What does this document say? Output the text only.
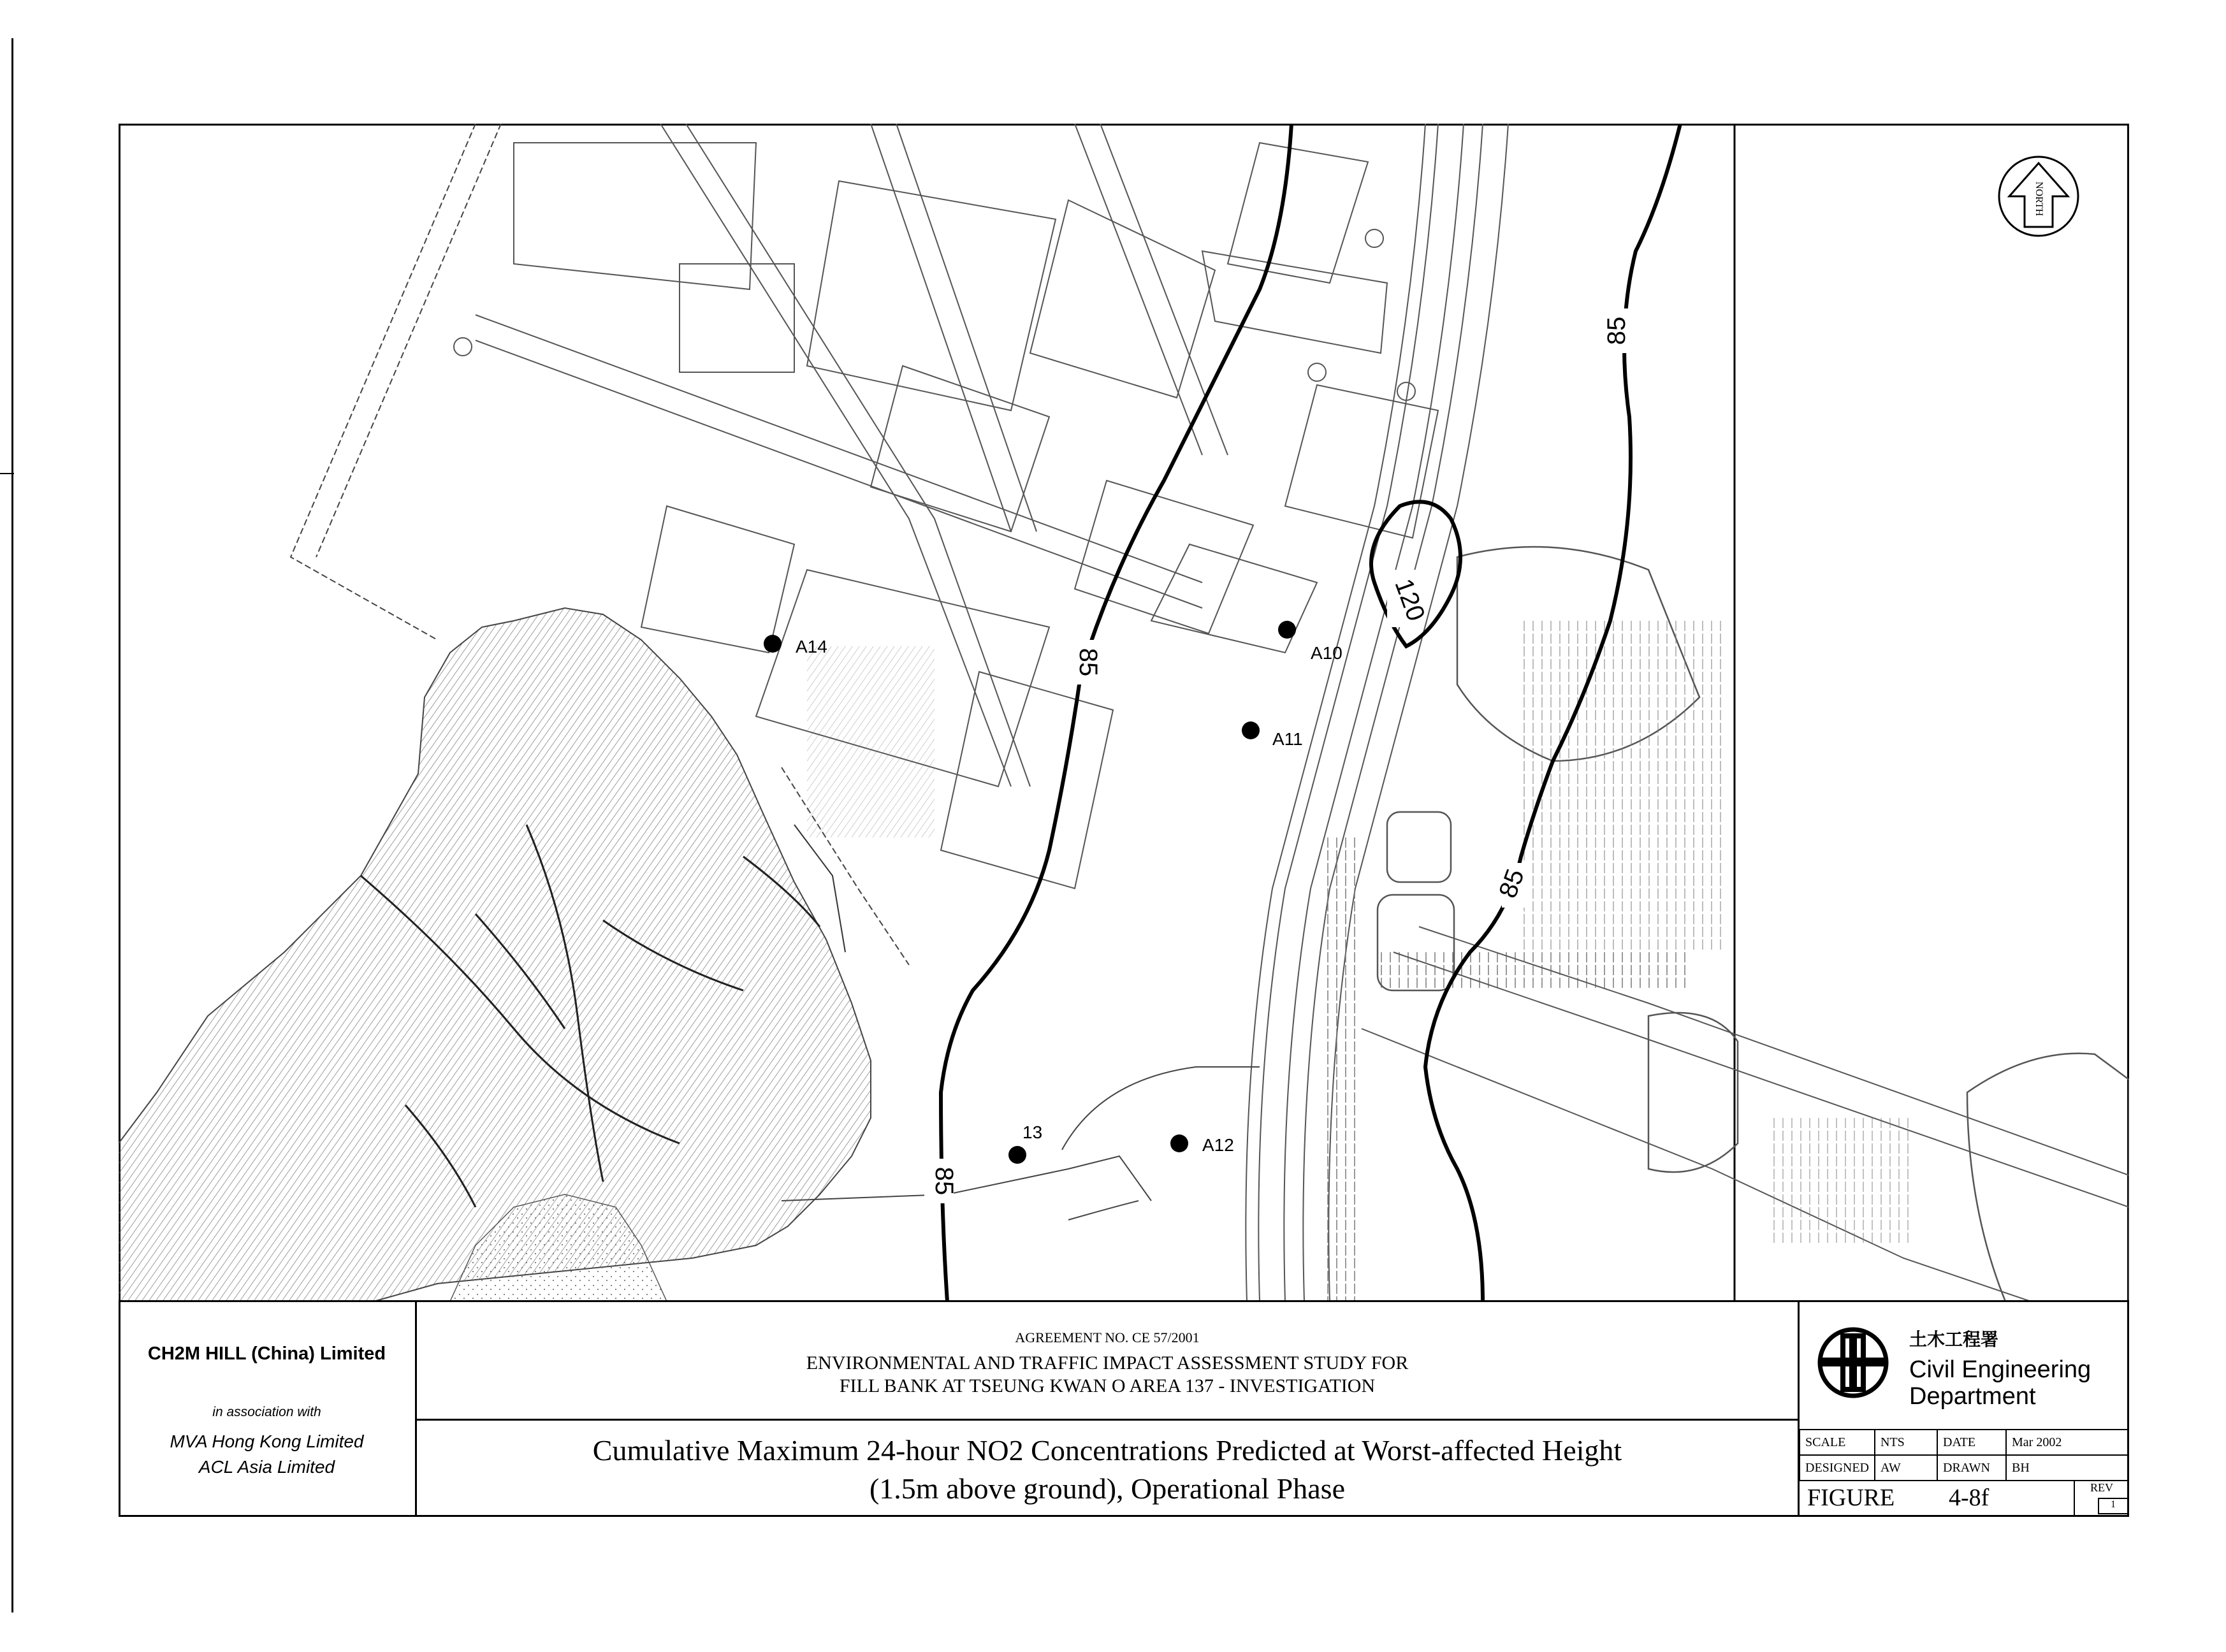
85
85
85
85
120
A10
A11
A12
13
A14
NORTH
CH2M HILL (China) Limited
in association with
MVA Hong Kong Limited
ACL Asia Limited
AGREEMENT NO. CE 57/2001
ENVIRONMENTAL AND TRAFFIC IMPACT ASSESSMENT STUDY FOR
FILL BANK AT TSEUNG KWAN O AREA 137 - INVESTIGATION
Cumulative Maximum 24-hour NO2 Concentrations Predicted at Worst-affected Height
(1.5m above ground), Operational Phase
土木工程署
Civil Engineering
Department
SCALE	NTS	DATE	Mar 2002
DESIGNED	AW	DRAWN	BH
FIGURE 4-8f	REV
1
